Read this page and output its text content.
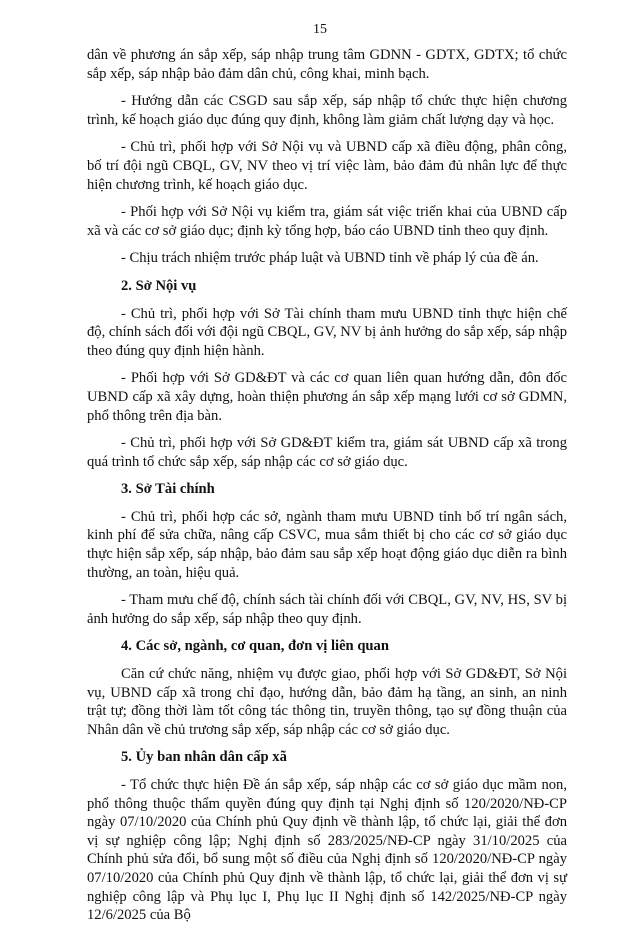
15

dân về phương án sắp xếp, sáp nhập trung tâm GDNN - GDTX, GDTX; tổ chức sắp xếp, sáp nhập bảo đảm dân chủ, công khai, minh bạch.

- Hướng dẫn các CSGD sau sắp xếp, sáp nhập tổ chức thực hiện chương trình, kế hoạch giáo dục đúng quy định, không làm giảm chất lượng dạy và học.

- Chủ trì, phối hợp với Sở Nội vụ và UBND cấp xã điều động, phân công, bố trí đội ngũ CBQL, GV, NV theo vị trí việc làm, bảo đảm đủ nhân lực để thực hiện chương trình, kế hoạch giáo dục.

- Phối hợp với Sở Nội vụ kiểm tra, giám sát việc triển khai của UBND cấp xã và các cơ sở giáo dục; định kỳ tổng hợp, báo cáo UBND tỉnh theo quy định.

- Chịu trách nhiệm trước pháp luật và UBND tỉnh về pháp lý của đề án.

2. Sở Nội vụ

- Chủ trì, phối hợp với Sở Tài chính tham mưu UBND tỉnh thực hiện chế độ, chính sách đối với đội ngũ CBQL, GV, NV bị ảnh hưởng do sắp xếp, sáp nhập theo đúng quy định hiện hành.

- Phối hợp với Sở GD&ĐT và các cơ quan liên quan hướng dẫn, đôn đốc UBND cấp xã xây dựng, hoàn thiện phương án sắp xếp mạng lưới cơ sở GDMN, phổ thông trên địa bàn.

- Chủ trì, phối hợp với Sở GD&ĐT kiểm tra, giám sát UBND cấp xã trong quá trình tổ chức sắp xếp, sáp nhập các cơ sở giáo dục.

3. Sở Tài chính

- Chủ trì, phối hợp các sở, ngành tham mưu UBND tỉnh bố trí ngân sách, kinh phí để sửa chữa, nâng cấp CSVC, mua sắm thiết bị cho các cơ sở giáo dục thực hiện sắp xếp, sáp nhập, bảo đảm sau sắp xếp hoạt động giáo dục diễn ra bình thường, an toàn, hiệu quả.

- Tham mưu chế độ, chính sách tài chính đối với CBQL, GV, NV, HS, SV bị ảnh hưởng do sắp xếp, sáp nhập theo quy định.

4. Các sở, ngành, cơ quan, đơn vị liên quan

Căn cứ chức năng, nhiệm vụ được giao, phối hợp với Sở GD&ĐT, Sở Nội vụ, UBND cấp xã trong chỉ đạo, hướng dẫn, bảo đảm hạ tầng, an sinh, an ninh trật tự; đồng thời làm tốt công tác thông tin, truyền thông, tạo sự đồng thuận của Nhân dân về chủ trương sắp xếp, sáp nhập các cơ sở giáo dục.

5. Ủy ban nhân dân cấp xã

- Tổ chức thực hiện Đề án sắp xếp, sáp nhập các cơ sở giáo dục mầm non, phổ thông thuộc thẩm quyền đúng quy định tại Nghị định số 120/2020/NĐ-CP ngày 07/10/2020 của Chính phủ Quy định về thành lập, tổ chức lại, giải thể đơn vị sự nghiệp công lập; Nghị định số 283/2025/NĐ-CP ngày 31/10/2025 của Chính phủ sửa đổi, bổ sung một số điều của Nghị định số 120/2020/NĐ-CP ngày 07/10/2020 của Chính phủ Quy định về thành lập, tổ chức lại, giải thể đơn vị sự nghiệp công lập và Phụ lục I, Phụ lục II Nghị định số 142/2025/NĐ-CP ngày 12/6/2025 của Bộ
